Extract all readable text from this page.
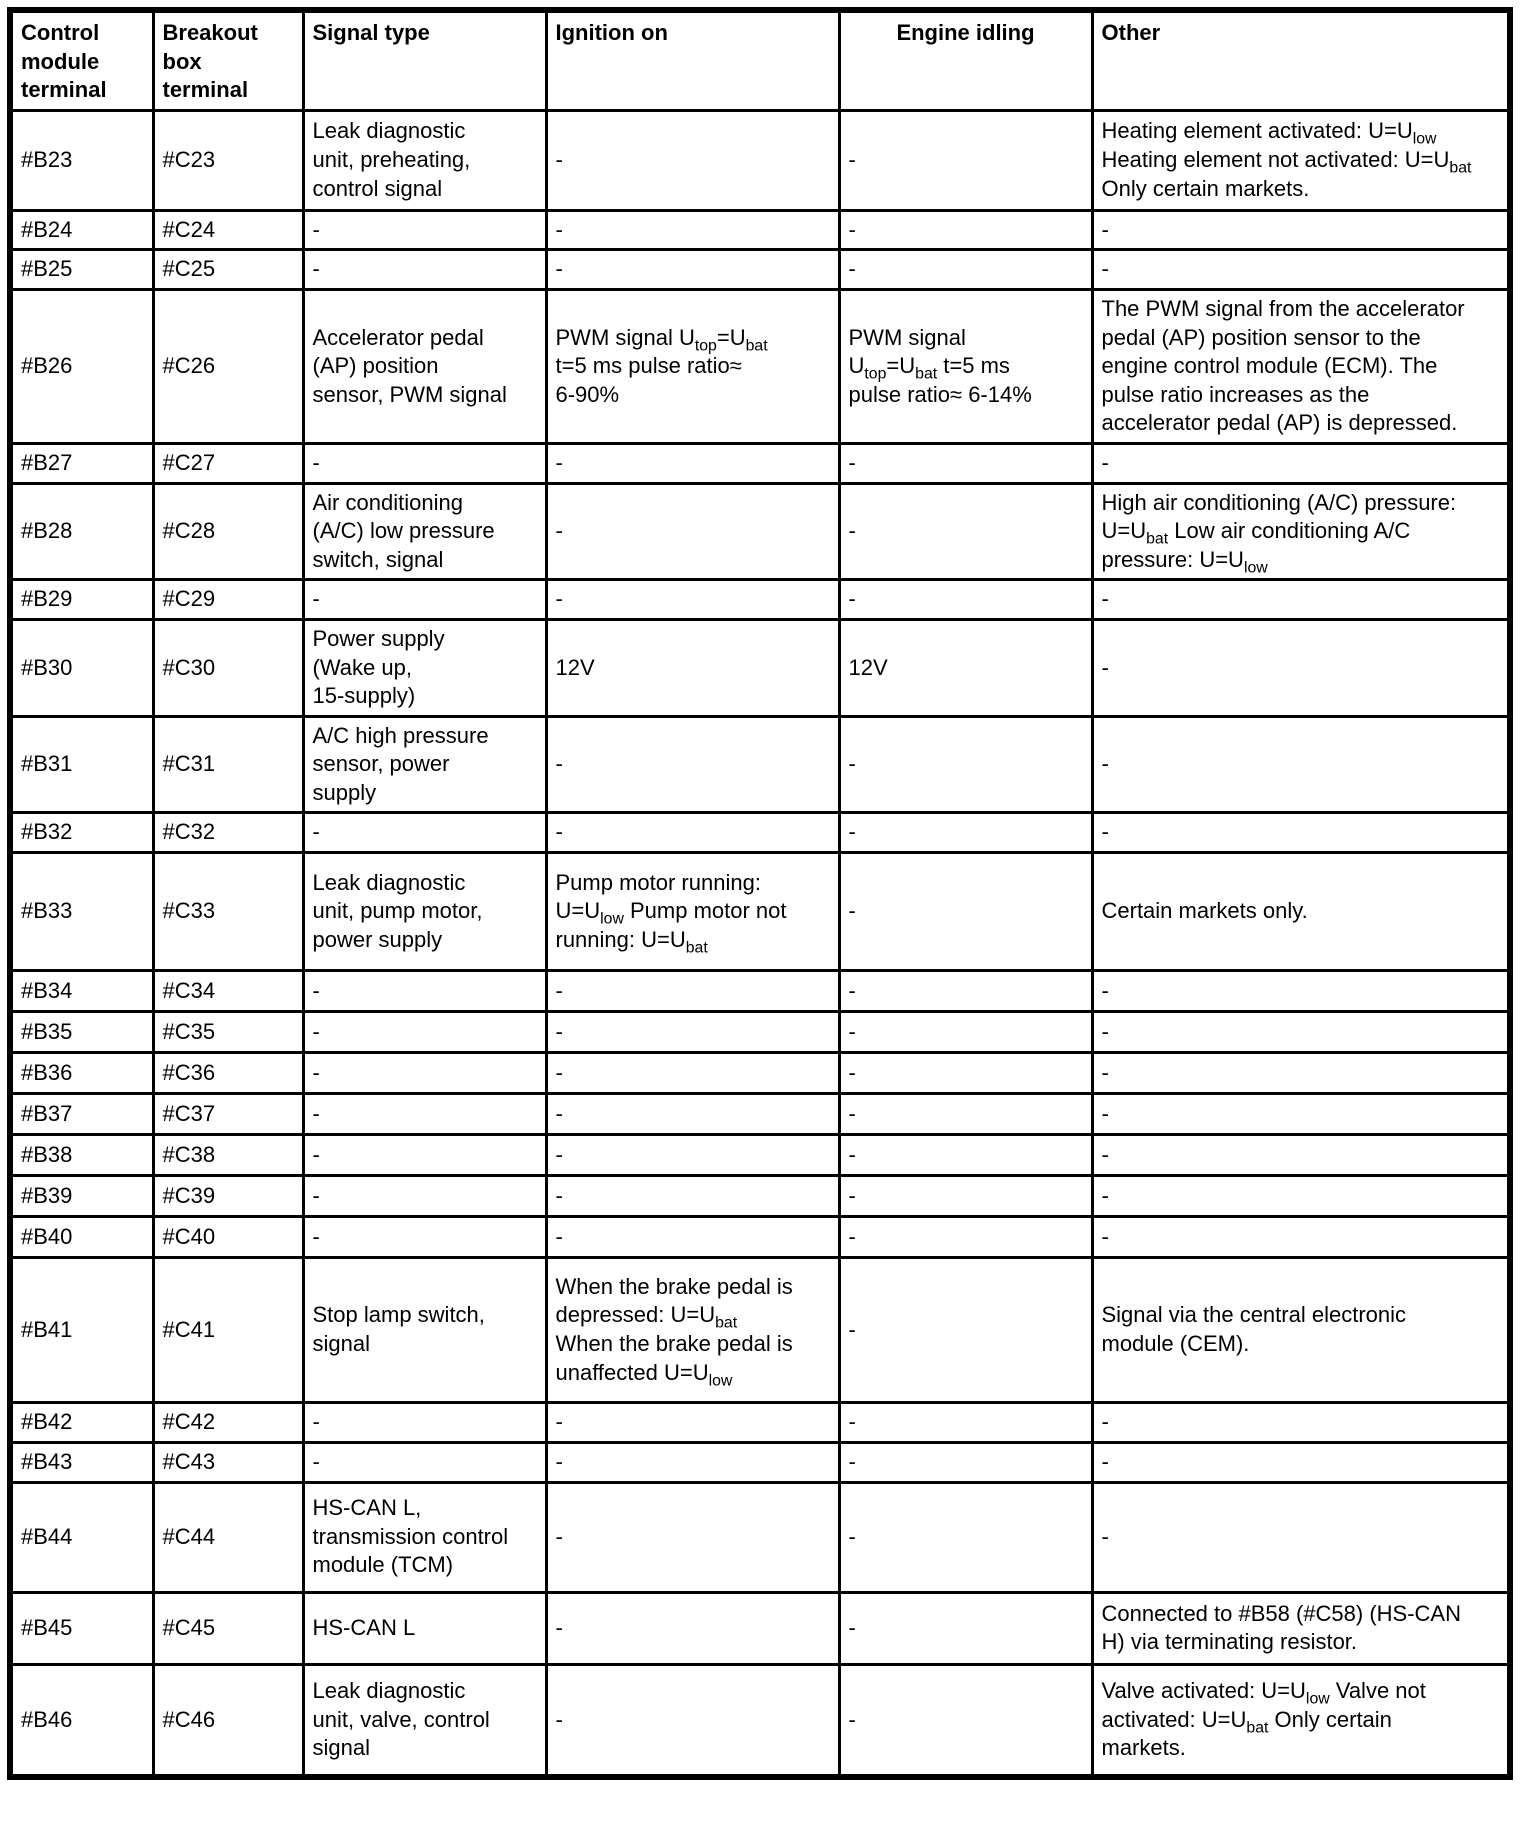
Control
module
terminal	Breakout
box
terminal	Signal type	Ignition on	Engine idling	Other
#B23	#C23	Leak diagnostic
unit, preheating,
control signal	-	-	Heating element activated: $U=U_{low}$
Heating element not activated: $U=U_{bat}$
Only certain markets.
#B24	#C24	-	-	-	-
#B25	#C25	-	-	-	-
#B26	#C26	Accelerator pedal
(AP) position
sensor, PWM signal	PWM signal $U_{top}=U_{bat}$
t=5 ms pulse ratio≈
6-90%	PWM signal
$U_{top}=U_{bat}$ t=5 ms
pulse ratio≈ 6-14%	The PWM signal from the accelerator
pedal (AP) position sensor to the
engine control module (ECM). The
pulse ratio increases as the
accelerator pedal (AP) is depressed.
#B27	#C27	-	-	-	-
#B28	#C28	Air conditioning
(A/C) low pressure
switch, signal	-	-	High air conditioning (A/C) pressure:
$U=U_{bat}$ Low air conditioning A/C
pressure: $U=U_{low}$
#B29	#C29	-	-	-	-
#B30	#C30	Power supply
(Wake up,
15-supply)	12V	12V	-
#B31	#C31	A/C high pressure
sensor, power
supply	-	-	-
#B32	#C32	-	-	-	-
#B33	#C33	Leak diagnostic
unit, pump motor,
power supply	Pump motor running:
$U=U_{low}$ Pump motor not
running: $U=U_{bat}$	-	Certain markets only.
#B34	#C34	-	-	-	-
#B35	#C35	-	-	-	-
#B36	#C36	-	-	-	-
#B37	#C37	-	-	-	-
#B38	#C38	-	-	-	-
#B39	#C39	-	-	-	-
#B40	#C40	-	-	-	-
#B41	#C41	Stop lamp switch,
signal	When the brake pedal is
depressed: $U=U_{bat}$
When the brake pedal is
unaffected $U=U_{low}$	-	Signal via the central electronic
module (CEM).
#B42	#C42	-	-	-	-
#B43	#C43	-	-	-	-
#B44	#C44	HS-CAN L,
transmission control
module (TCM)	-	-	-
#B45	#C45	HS-CAN L	-	-	Connected to #B58 (#C58) (HS-CAN
H) via terminating resistor.
#B46	#C46	Leak diagnostic
unit, valve, control
signal	-	-	Valve activated: $U=U_{low}$ Valve not
activated: $U=U_{bat}$ Only certain
markets.
